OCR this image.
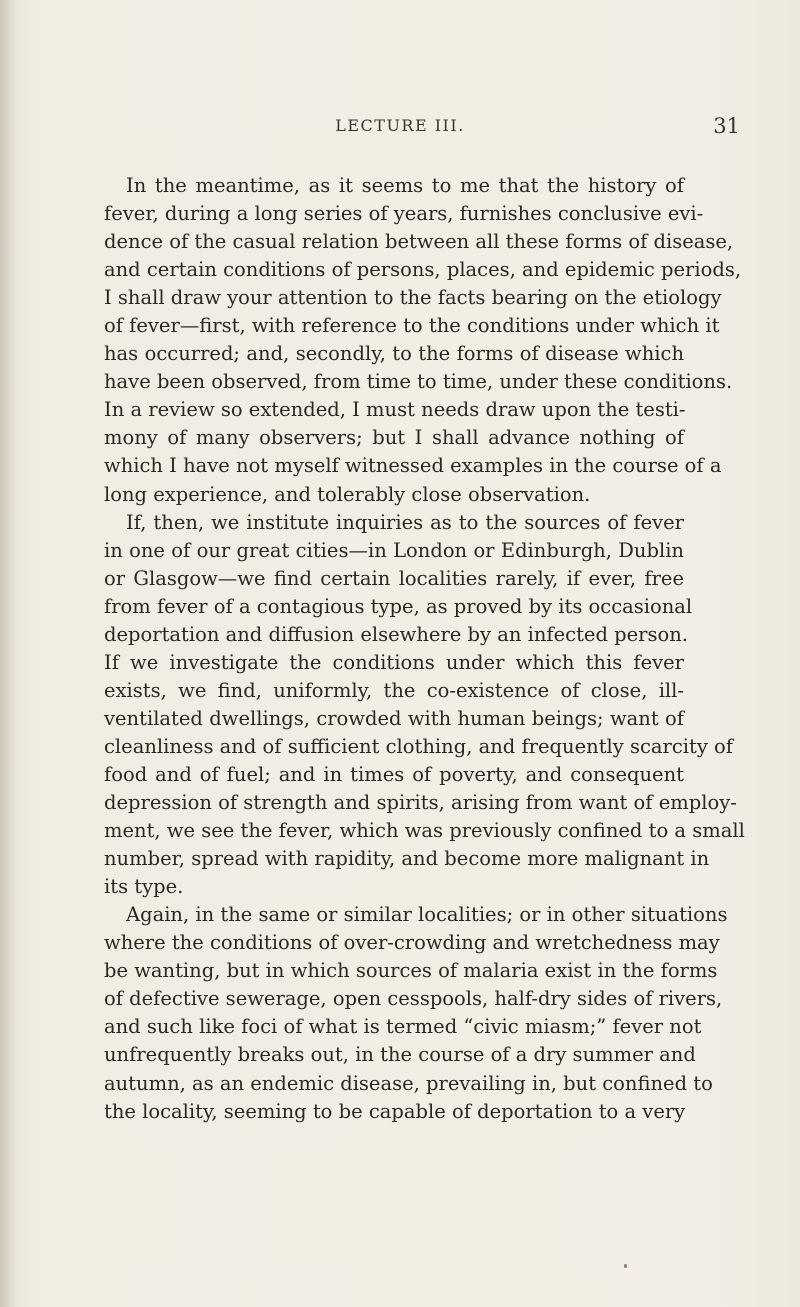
LECTURE III.	31
In the meantime, as it seems to me that the history of
fever, during a long series of years, furnishes conclusive evi-
dence of the casual relation between all these forms of disease,
and certain conditions of persons, places, and epidemic periods,
I shall draw your attention to the facts bearing on the etiology
of fever—first, with reference to the conditions under which it
has occurred; and, secondly, to the forms of disease which
have been observed, from time to time, under these conditions.
In a review so extended, I must needs draw upon the testi-
mony of many observers; but I shall advance nothing of
which I have not myself witnessed examples in the course of a
long experience, and tolerably close observation.
If, then, we institute inquiries as to the sources of fever
in one of our great cities—in London or Edinburgh, Dublin
or Glasgow—we find certain localities rarely, if ever, free
from fever of a contagious type, as proved by its occasional
deportation and diffusion elsewhere by an infected person.
If we investigate the conditions under which this fever
exists, we find, uniformly, the co-existence of close, ill-
ventilated dwellings, crowded with human beings; want of
cleanliness and of sufficient clothing, and frequently scarcity of
food and of fuel; and in times of poverty, and consequent
depression of strength and spirits, arising from want of employ-
ment, we see the fever, which was previously confined to a small
number, spread with rapidity, and become more malignant in
its type.
Again, in the same or similar localities; or in other situations
where the conditions of over-crowding and wretchedness may
be wanting, but in which sources of malaria exist in the forms
of defective sewerage, open cesspools, half-dry sides of rivers,
and such like foci of what is termed “civic miasm;” fever not
unfrequently breaks out, in the course of a dry summer and
autumn, as an endemic disease, prevailing in, but confined to
the locality, seeming to be capable of deportation to a very
